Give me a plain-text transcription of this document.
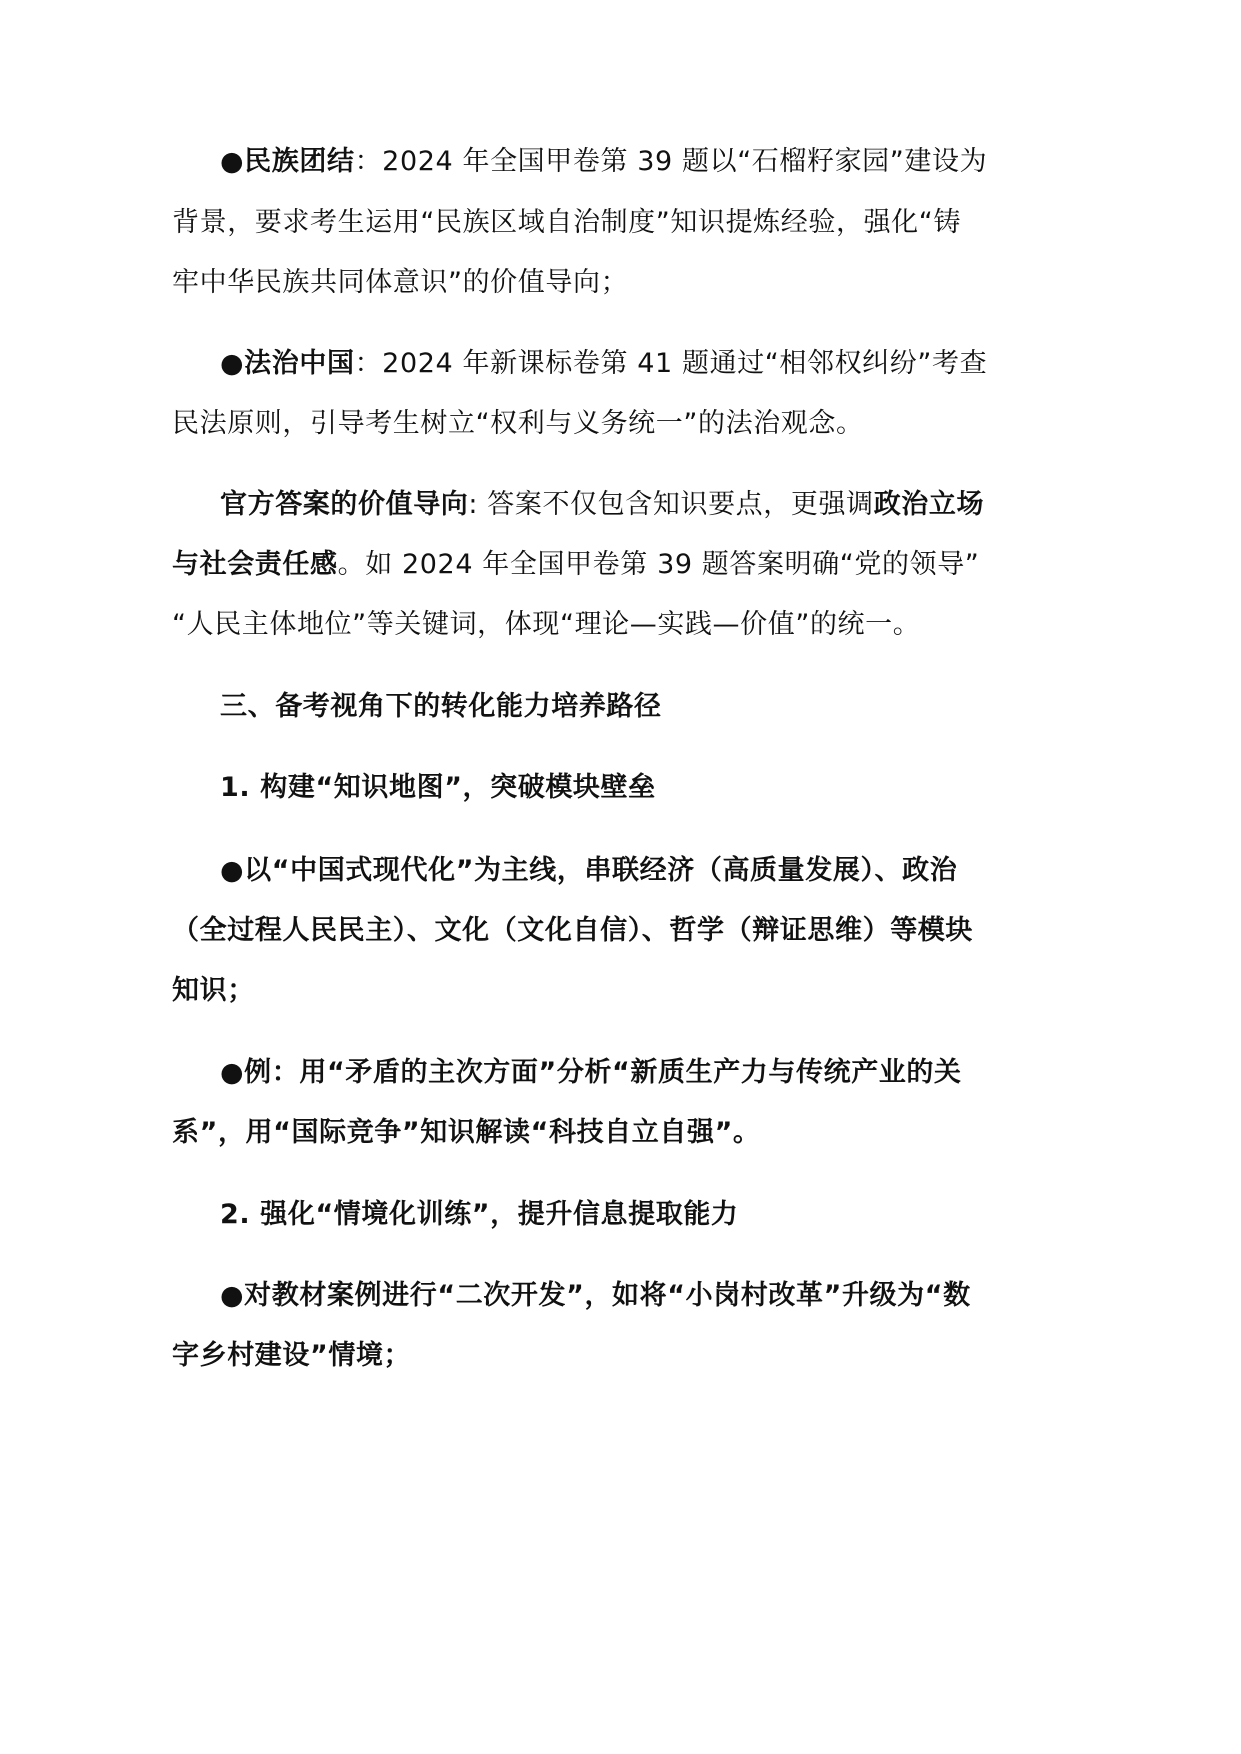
●民族团结：2024 年全国甲卷第 39 题以“石榴籽家园”建设为
背景，要求考生运用“民族区域自治制度”知识提炼经验，强化“铸
牢中华民族共同体意识”的价值导向；
●法治中国：2024 年新课标卷第 41 题通过“相邻权纠纷”考查
民法原则，引导考生树立“权利与义务统一”的法治观念。
官方答案的价值导向: 答案不仅包含知识要点，更强调政治立场
与社会责任感。如 2024 年全国甲卷第 39 题答案明确“党的领导”
“人民主体地位”等关键词，体现“理论—实践—价值”的统一。
三、备考视角下的转化能力培养路径
1. 构建“知识地图”，突破模块壁垒
●以“中国式现代化”为主线，串联经济（高质量发展）、政治
（全过程人民民主）、文化（文化自信）、哲学（辩证思维）等模块
知识；
●例：用“矛盾的主次方面”分析“新质生产力与传统产业的关
系”，用“国际竞争”知识解读“科技自立自强”。
2. 强化“情境化训练”，提升信息提取能力
●对教材案例进行“二次开发”，如将“小岗村改革”升级为“数
字乡村建设”情境；
